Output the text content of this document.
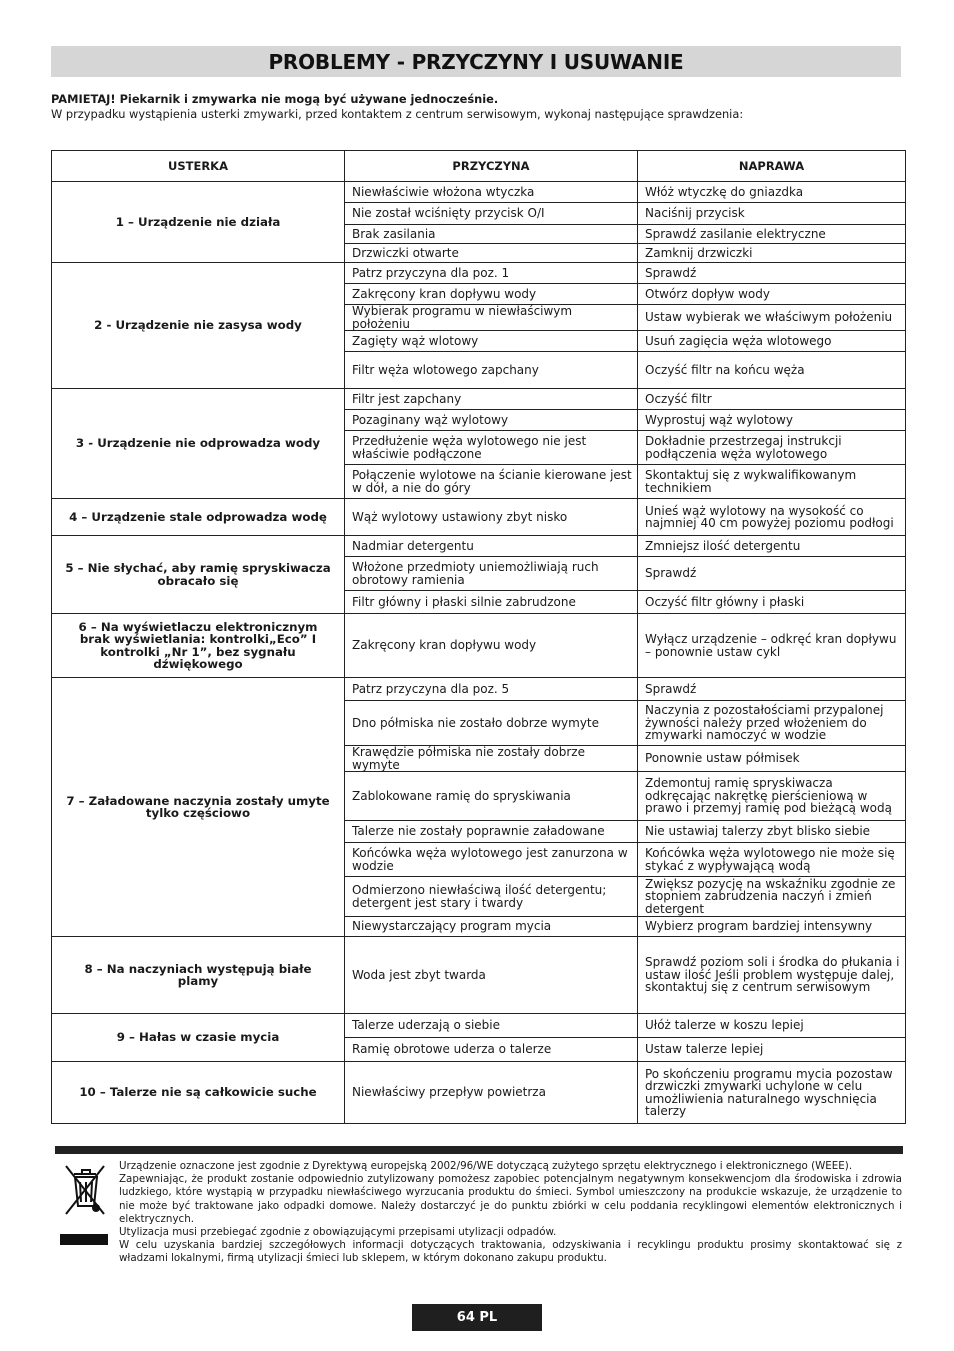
PROBLEMY - PRZYCZYNY I USUWANIE
PAMIETAJ! Piekarnik i zmywarka nie mogą być używane jednocześnie.
W przypadku wystąpienia usterki zmywarki, przed kontaktem z centrum serwisowym, wykonaj następujące sprawdzenia:
USTERKA	PRZYCZYNA	NAPRAWA
1 – Urządzenie nie działa	Niewłaściwie włożona wtyczka	Włóż wtyczkę do gniazdka
	Nie został wciśnięty przycisk O/I	Naciśnij przycisk
	Brak zasilania	Sprawdź zasilanie elektryczne
	Drzwiczki otwarte	Zamknij drzwiczki
2 - Urządzenie nie zasysa wody	Patrz przyczyna dla poz. 1	Sprawdź
	Zakręcony kran dopływu wody	Otwórz dopływ wody
	Wybierak programu w niewłaściwym położeniu	Ustaw wybierak we właściwym położeniu
	Zagięty wąż wlotowy	Usuń zagięcia węża wlotowego
	Filtr węża wlotowego zapchany	Oczyść filtr na końcu węża
3 - Urządzenie nie odprowadza wody	Filtr jest zapchany	Oczyść filtr
	Pozaginany wąż wylotowy	Wyprostuj wąż wylotowy
	Przedłużenie węża wylotowego nie jest właściwie podłączone	Dokładnie przestrzegaj instrukcji podłączenia węża wylotowego
	Połączenie wylotowe na ścianie kierowane jest w dół, a nie do góry	Skontaktuj się z wykwalifikowanym technikiem
4 – Urządzenie stale odprowadza wodę	Wąż wylotowy ustawiony zbyt nisko	Unieś wąż wylotowy na wysokość co najmniej 40 cm powyżej poziomu podłogi
5 – Nie słychać, aby ramię spryskiwacza obracało się	Nadmiar detergentu	Zmniejsz ilość detergentu
	Włożone przedmioty uniemożliwiają ruch obrotowy ramienia	Sprawdź
	Filtr główny i płaski silnie zabrudzone	Oczyść filtr główny i płaski
6 – Na wyświetlaczu elektronicznym brak wyświetlania: kontrolki„Eco” I kontrolki „Nr 1”, bez sygnału dźwiękowego	Zakręcony kran dopływu wody	Wyłącz urządzenie – odkręć kran dopływu – ponownie ustaw cykl
7 – Załadowane naczynia zostały umyte tylko częściowo	Patrz przyczyna dla poz. 5	Sprawdź
	Dno półmiska nie zostało dobrze wymyte	Naczynia z pozostałościami przypalonej żywności należy przed włożeniem do zmywarki namoczyć w wodzie
	Krawędzie półmiska nie zostały dobrze wymyte	Ponownie ustaw półmisek
	Zablokowane ramię do spryskiwania	Zdemontuj ramię spryskiwacza odkręcając nakrętkę pierścieniową w prawo i przemyj ramię pod bieżącą wodą
	Talerze nie zostały poprawnie załadowane	Nie ustawiaj talerzy zbyt blisko siebie
	Końcówka węża wylotowego jest zanurzona w wodzie	Końcówka węża wylotowego nie może się stykać z wypływającą wodą
	Odmierzono niewłaściwą ilość detergentu; detergent jest stary i twardy	Zwiększ pozycję na wskaźniku zgodnie ze stopniem zabrudzenia naczyń i zmień detergent
	Niewystarczający program mycia	Wybierz program bardziej intensywny
8 – Na naczyniach występują białe plamy	Woda jest zbyt twarda	Sprawdź poziom soli i środka do płukania i ustaw ilość Jeśli problem występuje dalej, skontaktuj się z centrum serwisowym
9 – Hałas w czasie mycia	Talerze uderzają o siebie	Ułóż talerze w koszu lepiej
	Ramię obrotowe uderza o talerze	Ustaw talerze lepiej
10 – Talerze nie są całkowicie suche	Niewłaściwy przepływ powietrza	Po skończeniu programu mycia pozostaw drzwiczki zmywarki uchylone w celu umożliwienia naturalnego wyschnięcia talerzy

Urządzenie oznaczone jest zgodnie z Dyrektywą europejską 2002/96/WE dotyczącą zużytego sprzętu elektrycznego i elektronicznego (WEEE).

Zapewniając, że produkt zostanie odpowiednio zutylizowany pomożesz zapobiec potencjalnym negatywnym konsekwencjom dla środowiska i zdrowia ludzkiego, które wystąpią w przypadku niewłaściwego wyrzucania produktu do śmieci. Symbol umieszczony na produkcie wskazuje, że urządzenie to nie może być traktowane jako odpadki domowe. Należy dostarczyć je do punktu zbiórki w celu poddania recyklingowi elementów elektronicznych i elektrycznych.

Utylizacja musi przebiegać zgodnie z obowiązującymi przepisami utylizacji odpadów.

W celu uzyskania bardziej szczegółowych informacji dotyczących traktowania, odzyskiwania i recyklingu produktu prosimy skontaktować się z władzami lokalnymi, firmą utylizacji śmieci lub sklepem, w którym dokonano zakupu produktu.

64 PL
